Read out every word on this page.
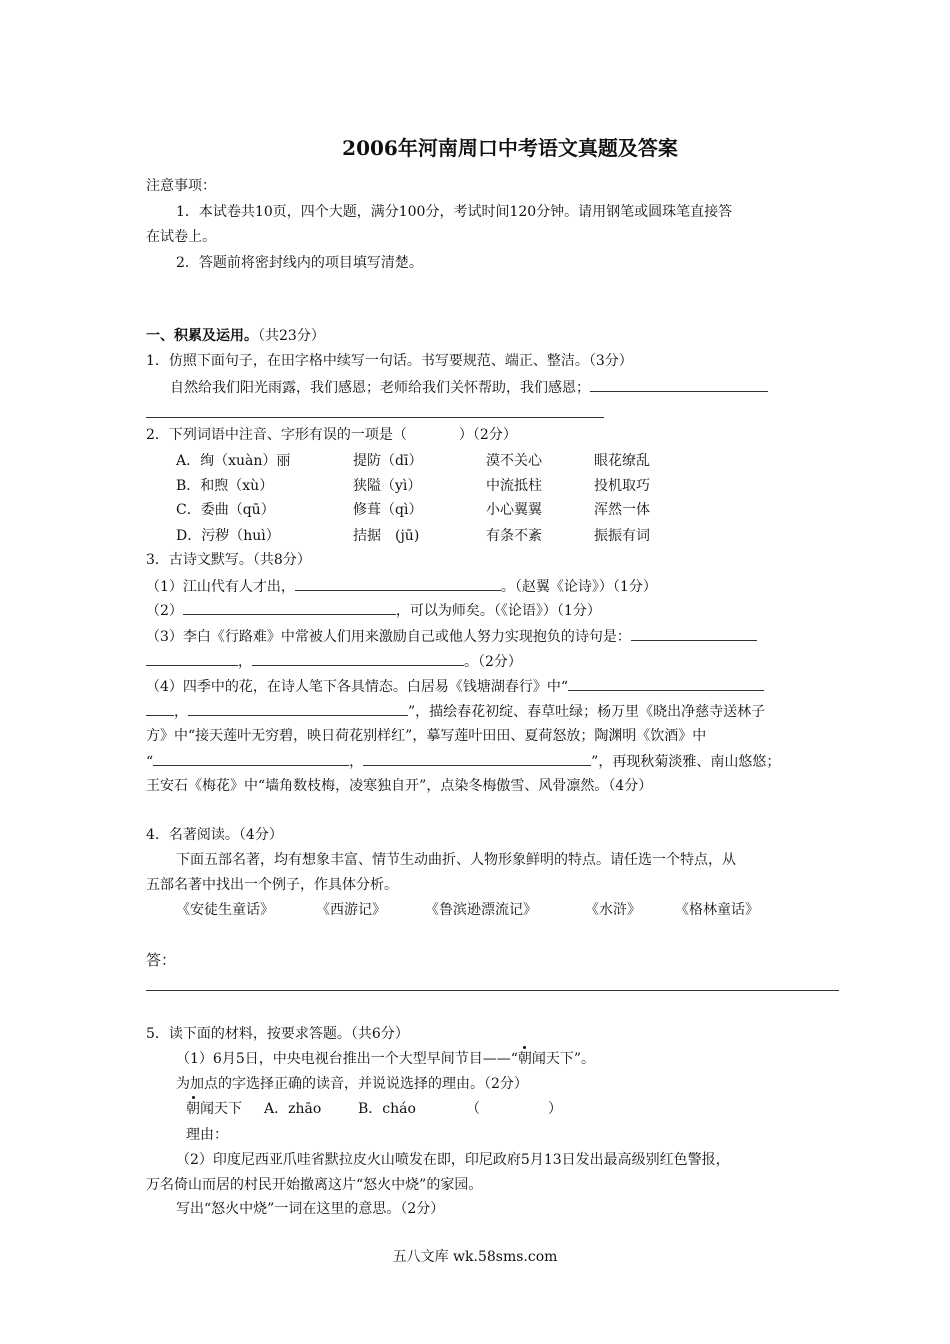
2006年河南周口中考语文真题及答案
注意事项：
1．本试卷共10页，四个大题，满分100分，考试时间120分钟。请用钢笔或圆珠笔直接答
在试卷上。
2．答题前将密封线内的项目填写清楚。
一、积累及运用。（共23分）
1．仿照下面句子，在田字格中续写一句话。书写要规范、端正、整洁。（3分）
自然给我们阳光雨露，我们感恩；老师给我们关怀帮助，我们感恩；
2．下列词语中注音、字形有误的一项是（	）（2分）
A．绚（xuàn）丽	提防（dī）	漠不关心	眼花缭乱
B．和煦（xù）	狭隘（yì）	中流抵柱	投机取巧
C．委曲（qū）	修葺（qì）	小心翼翼	浑然一体
D．污秽（huì）	拮据　(jū)	有条不紊	振振有词
3．古诗文默写。（共8分）
（1）江山代有人才出，	。（赵翼《论诗》）（1分）
（2）	，可以为师矣。（《论语》）（1分）
（3）李白《行路难》中常被人们用来激励自己或他人努力实现抱负的诗句是：
，	。（2分）
（4）四季中的花，在诗人笔下各具情态。白居易《钱塘湖春行》中“
，	”，描绘春花初绽、春草吐绿；杨万里《晓出净慈寺送林子
方》中“接天莲叶无穷碧，映日荷花别样红”，摹写莲叶田田、夏荷怒放；陶渊明《饮酒》中
“	，	”，再现秋菊淡雅、南山悠悠；
王安石《梅花》中“墙角数枝梅，凌寒独自开”，点染冬梅傲雪、风骨凛然。（4分）
4．名著阅读。（4分）
下面五部名著，均有想象丰富、情节生动曲折、人物形象鲜明的特点。请任选一个特点，从
五部名著中找出一个例子，作具体分析。
《安徒生童话》	《西游记》	《鲁滨逊漂流记》	《水浒》 《格林童话》
答：
5．读下面的材料，按要求答题。（共6分）
（1）6月5日，中央电视台推出一个大型早间节目——“朝闻天下”。
为加点的字选择正确的读音，并说说选择的理由。（2分）
朝闻天下 A．zhāo	B．cháo	（	）
理由：
（2）印度尼西亚爪哇省默拉皮火山喷发在即，印尼政府5月13日发出最高级别红色警报，
万名倚山而居的村民开始撤离这片“怒火中烧”的家园。
写出“怒火中烧”一词在这里的意思。（2分）
五八文库 wk.58sms.com
